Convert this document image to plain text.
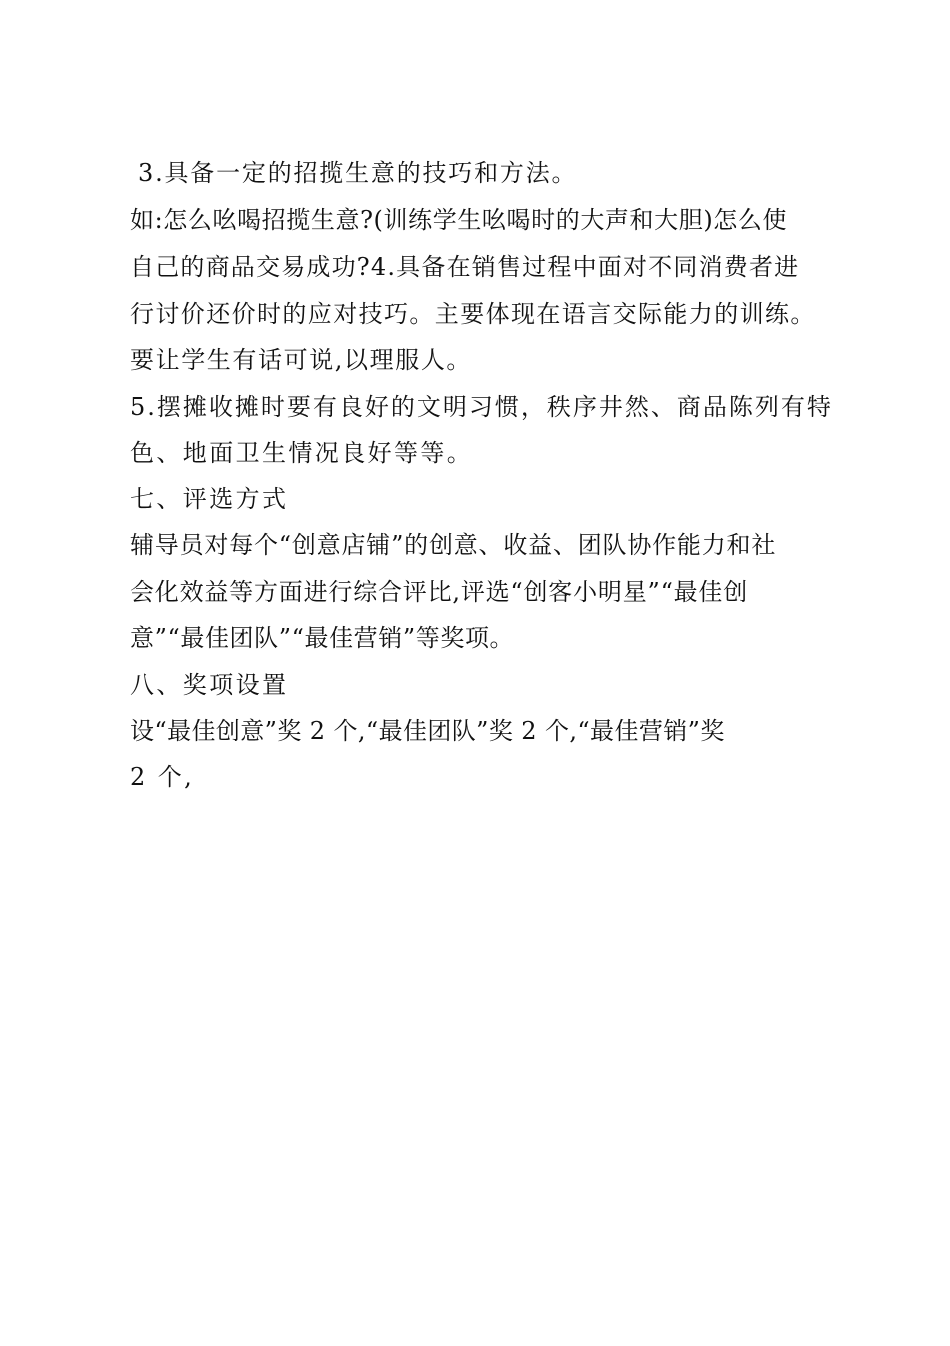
3.具备一定的招揽生意的技巧和方法。

如:怎么吆喝招揽生意?(训练学生吆喝时的大声和大胆)怎么使

自己的商品交易成功?4.具备在销售过程中面对不同消费者进

行讨价还价时的应对技巧。主要体现在语言交际能力的训练。

要让学生有话可说,以理服人。

5.摆摊收摊时要有良好的文明习惯，秩序井然、商品陈列有特

色、地面卫生情况良好等等。

七、评选方式

辅导员对每个“创意店铺”的创意、收益、团队协作能力和社

会化效益等方面进行综合评比,评选“创客小明星”“最佳创

意”“最佳团队”“最佳营销”等奖项。

八、奖项设置

设“最佳创意”奖 2 个,“最佳团队”奖 2 个,“最佳营销”奖

2 个,
